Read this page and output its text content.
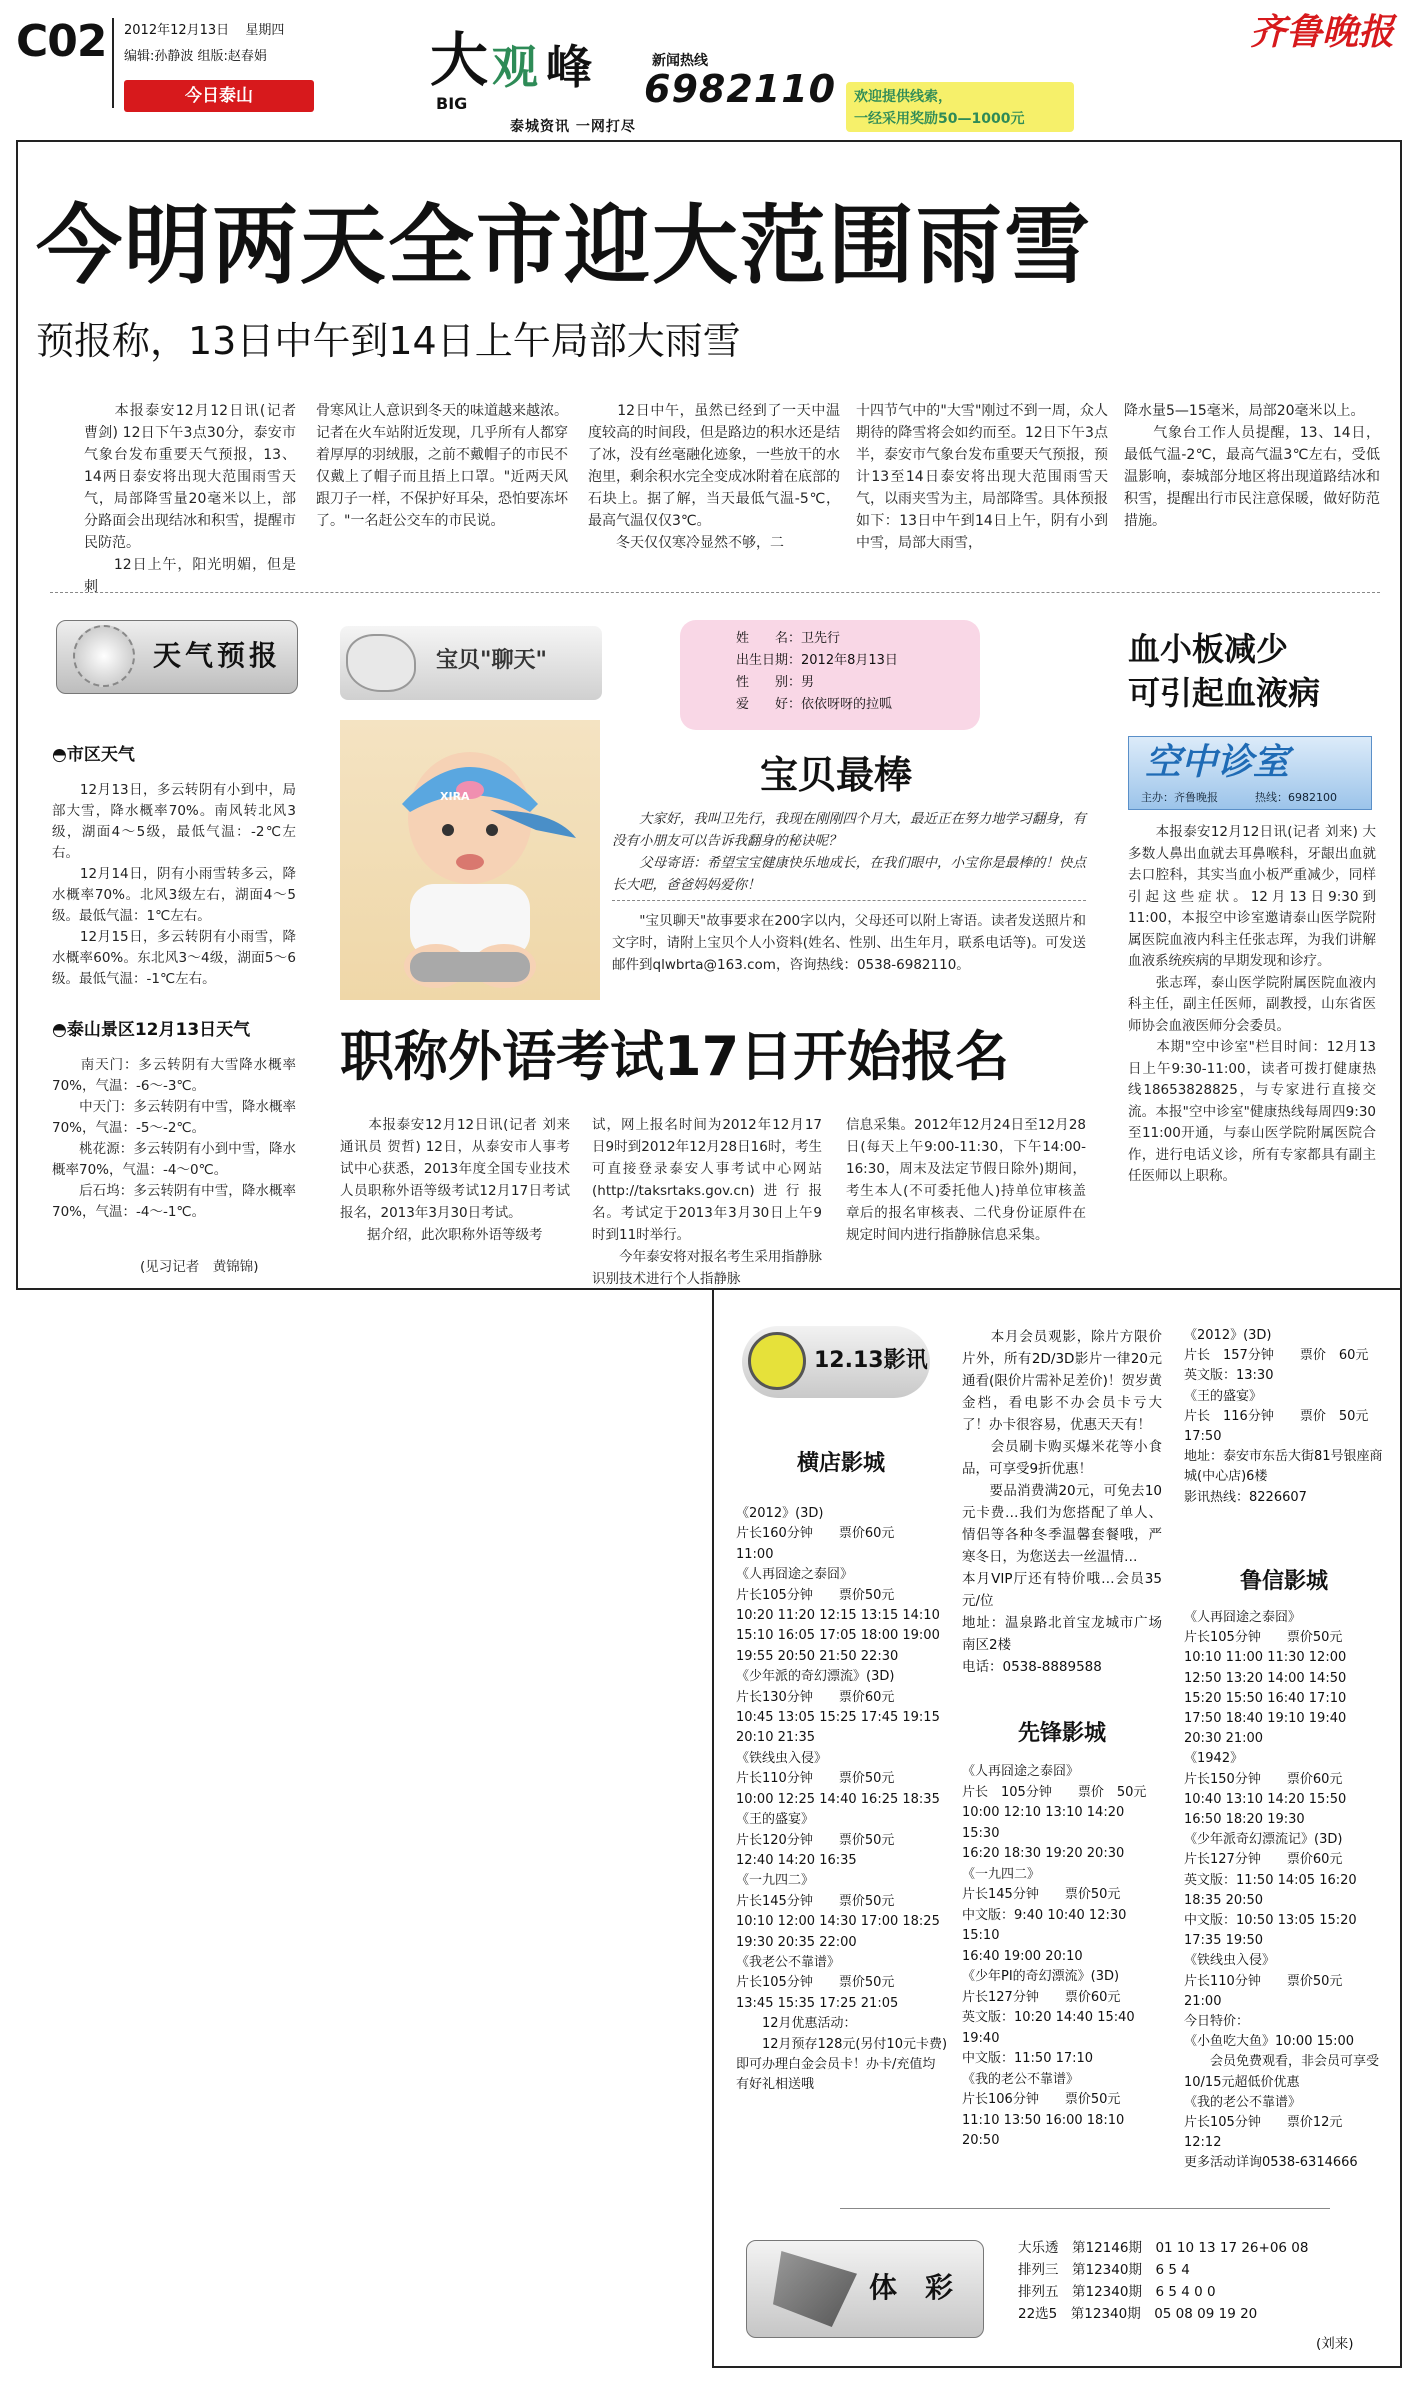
C02 2012年12月13日 星期四
编辑:孙静波 组版:赵春娟
今日泰山
大
BIG
观 峰	新闻热线
6982110
泰城资讯 一网打尽
欢迎提供线索，
一经采用奖励50—1000元
齐鲁晚报
今明两天全市迎大范围雨雪
预报称，13日中午到14日上午局部大雨雪
　　本报泰安12月12日讯(记者 曹剑) 12日下午3点30分，泰安市气象台发布重要天气预报，13、14两日泰安将出现大范围雨雪天气，局部降雪量20毫米以上，部分路面会出现结冰和积雪，提醒市民防范。
　　12日上午，阳光明媚，但是刺
骨寒风让人意识到冬天的味道越来越浓。记者在火车站附近发现，几乎所有人都穿着厚厚的羽绒服，之前不戴帽子的市民不仅戴上了帽子而且捂上口罩。"近两天风跟刀子一样，不保护好耳朵，恐怕要冻坏了。"一名赶公交车的市民说。
　　12日中午，虽然已经到了一天中温度较高的时间段，但是路边的积水还是结了冰，没有丝毫融化迹象，一些放干的水泡里，剩余积水完全变成冰附着在底部的石块上。据了解，当天最低气温-5℃，最高气温仅仅3℃。
　　冬天仅仅寒冷显然不够，二
十四节气中的"大雪"刚过不到一周，众人期待的降雪将会如约而至。12日下午3点半，泰安市气象台发布重要天气预报，预计13至14日泰安将出现大范围雨雪天气，以雨夹雪为主，局部降雪。具体预报如下：13日中午到14日上午，阴有小到中雪，局部大雨雪，
降水量5—15毫米，局部20毫米以上。
　　气象台工作人员提醒，13、14日，最低气温-2℃，最高气温3℃左右，受低温影响，泰城部分地区将出现道路结冰和积雪，提醒出行市民注意保暖，做好防范措施。
天气预报
◓市区天气
　　12月13日，多云转阴有小到中，局部大雪，降水概率70%。南风转北风3级，湖面4～5级，最低气温：-2℃左右。
　　12月14日，阴有小雨雪转多云，降水概率70%。北风3级左右，湖面4～5级。最低气温：1℃左右。
　　12月15日，多云转阴有小雨雪，降水概率60%。东北风3～4级，湖面5～6级。最低气温：-1℃左右。
◓泰山景区12月13日天气
　　南天门：多云转阴有大雪降水概率70%，气温：-6～-3℃。
　　中天门：多云转阴有中雪，降水概率70%，气温：-5～-2℃。
　　桃花源：多云转阴有小到中雪，降水概率70%，气温：-4～0℃。
　　后石坞：多云转阴有中雪，降水概率70%，气温：-4～-1℃。
(见习记者　黄锦锦)
宝贝"聊天"
XIRA
姓　　名：卫先行
出生日期：2012年8月13日
性　　别：男
爱　　好：依依呀呀的拉呱
宝贝最棒
　　大家好，我叫卫先行，我现在刚刚四个月大，最近正在努力地学习翻身，有没有小朋友可以告诉我翻身的秘诀呢？
　　父母寄语：希望宝宝健康快乐地成长，在我们眼中，小宝你是最棒的！快点长大吧，爸爸妈妈爱你！
　　"宝贝聊天"故事要求在200字以内，父母还可以附上寄语。读者发送照片和文字时，请附上宝贝个人小资料(姓名、性别、出生年月，联系电话等)。可发送邮件到qlwbrta@163.com，咨询热线：0538-6982110。
职称外语考试17日开始报名
　　本报泰安12月12日讯(记者 刘来 通讯员 贺哲) 12日，从泰安市人事考试中心获悉，2013年度全国专业技术人员职称外语等级考试12月17日考试报名，2013年3月30日考试。
　　据介绍，此次职称外语等级考
试，网上报名时间为2012年12月17日9时到2012年12月28日16时，考生可直接登录泰安人事考试中心网站(http://taksrtaks.gov.cn)进行报名。考试定于2013年3月30日上午9时到11时举行。
　　今年泰安将对报名考生采用指静脉识别技术进行个人指静脉
信息采集。2012年12月24日至12月28日(每天上午9:00-11:30，下午14:00-16:30，周末及法定节假日除外)期间，考生本人(不可委托他人)持单位审核盖章后的报名审核表、二代身份证原件在规定时间内进行指静脉信息采集。
血小板减少
可引起血液病
空中诊室
主办：齐鲁晚报	热线：6982100
　　本报泰安12月12日讯(记者 刘来) 大多数人鼻出血就去耳鼻喉科，牙龈出血就去口腔科，其实当血小板严重减少，同样引起这些症状。12月13日9:30到11:00，本报空中诊室邀请泰山医学院附属医院血液内科主任张志珲，为我们讲解血液系统疾病的早期发现和诊疗。
　　张志珲，泰山医学院附属医院血液内科主任，副主任医师，副教授，山东省医师协会血液医师分会委员。
　　本期"空中诊室"栏目时间：12月13日上午9:30-11:00，读者可拨打健康热线18653828825，与专家进行直接交流。本报"空中诊室"健康热线每周四9:30至11:00开通，与泰山医学院附属医院合作，进行电话义诊，所有专家都具有副主任医师以上职称。
12.13影讯
横店影城
《2012》(3D)
片长160分钟　　票价60元
11:00
《人再囧途之泰囧》
片长105分钟　　票价50元
10:20 11:20 12:15 13:15 14:10 15:10 16:05 17:05 18:00 19:00 19:55 20:50 21:50 22:30
《少年派的奇幻漂流》(3D)
片长130分钟　　票价60元
10:45 13:05 15:25 17:45 19:15 20:10 21:35
《铁线虫入侵》
片长110分钟　　票价50元
10:00 12:25 14:40 16:25 18:35
《王的盛宴》
片长120分钟　　票价50元
12:40 14:20 16:35
《一九四二》
片长145分钟　　票价50元
10:10 12:00 14:30 17:00 18:25 19:30 20:35 22:00
《我老公不靠谱》
片长105分钟　　票价50元
13:45 15:35 17:25 21:05
　　12月优惠活动：
　　12月预存128元(另付10元卡费)即可办理白金会员卡！办卡/充值均有好礼相送哦
　　本月会员观影，除片方限价片外，所有2D/3D影片一律20元通看(限价片需补足差价)！贺岁黄金档，看电影不办会员卡亏大了！办卡很容易，优惠天天有！
　　会员刷卡购买爆米花等小食品，可享受9折优惠！
　　要品消费满20元，可免去10元卡费…我们为您搭配了单人、情侣等各种冬季温馨套餐哦，严寒冬日，为您送去一丝温情…
本月VIP厅还有特价哦…会员35元/位
地址：温泉路北首宝龙城市广场南区2楼
电话：0538-8889588
先锋影城
《人再囧途之泰囧》
片长　105分钟　　票价　50元
10:00 12:10 13:10 14:20 15:30
16:20 18:30 19:20 20:30
《一九四二》
片长145分钟　　票价50元
中文版：9:40 10:40 12:30 15:10
16:40 19:00 20:10
《少年PI的奇幻漂流》(3D)
片长127分钟　　票价60元
英文版：10:20 14:40 15:40 19:40
中文版：11:50 17:10
《我的老公不靠谱》
片长106分钟　　票价50元
11:10 13:50 16:00 18:10 20:50
《2012》(3D)
片长　157分钟　　票价　60元
英文版：13:30
《王的盛宴》
片长　116分钟　　票价　50元
17:50
地址：泰安市东岳大街81号银座商城(中心店)6楼
影讯热线：8226607
鲁信影城
《人再囧途之泰囧》
片长105分钟　　票价50元
10:10 11:00 11:30 12:00 12:50 13:20 14:00 14:50 15:20 15:50 16:40 17:10 17:50 18:40 19:10 19:40 20:30 21:00
《1942》
片长150分钟　　票价60元
10:40 13:10 14:20 15:50 16:50 18:20 19:30
《少年派奇幻漂流记》(3D)
片长127分钟　　票价60元
英文版：11:50 14:05 16:20 18:35 20:50
中文版：10:50 13:05 15:20 17:35 19:50
《铁线虫入侵》
片长110分钟　　票价50元
21:00
今日特价：
《小鱼吃大鱼》10:00 15:00
　　会员免费观看，非会员可享受10/15元超低价优惠
《我的老公不靠谱》
片长105分钟　　票价12元
12:12
更多活动详询0538-6314666
体　彩
大乐透　第12146期　01 10 13 17 26+06 08
排列三　第12340期　6 5 4
排列五　第12340期　6 5 4 0 0
22选5　第12340期　05 08 09 19 20
(刘来)
